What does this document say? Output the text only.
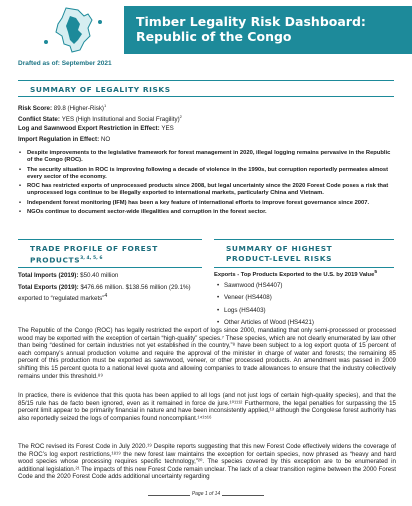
Timber Legality Risk Dashboard: Republic of the Congo
Drafted as of: September 2021
SUMMARY OF LEGALITY RISKS
Risk Score: 89.8 (Higher-Risk)$^1$
Conflict State: YES (High Institutional and Social Fragility)$^2$
Log and Sawnwood Export Restriction in Effect: YES
Import Regulation in Effect: NO
• Despite improvements to the legislative framework for forest management in 2020, illegal logging remains pervasive in the Republic of the Congo (ROC).
• The security situation in ROC is improving following a decade of violence in the 1990s, but corruption reportedly permeates almost every sector of the economy.
• ROC has restricted exports of unprocessed products since 2008, but legal uncertainty since the 2020 Forest Code poses a risk that unprocessed logs continue to be illegally exported to international markets, particularly China and Vietnam.
• Independent forest monitoring (IFM) has been a key feature of international efforts to improve forest governance since 2007.
• NGOs continue to document sector-wide illegalities and corruption in the forest sector.
TRADE PROFILE OF FOREST
PRODUCTS$^{3, 4, 5, 6}$
Total Imports (2019): $50.40 million
Total Exports (2019): $476.66 million. $138.56 million (29.1%) exported to “regulated markets”$^4$
SUMMARY OF HIGHEST
PRODUCT-LEVEL RISKS
Exports - Top Products Exported to the U.S. by 2019 Value$^5$
• Sawnwood (HS4407)
• Veneer (HS4408)
• Logs (HS4403)
• Other Articles of Wood (HS4421)
The Republic of the Congo (ROC) has legally restricted the export of logs since 2000, mandating that only semi-processed or processed wood may be exported with the exception of certain “high-quality” species.⁷ These species, which are not clearly enumerated by law other than being “destined for certain industries not yet established in the country,”⁸ have been subject to a log export quota of 15 percent of each company’s annual production volume and require the approval of the minister in charge of water and forests; the remaining 85 percent of this production must be exported as sawnwood, veneer, or other processed products. An amendment was passed in 2009 shifting this 15 percent quota to a national level quota and allowing companies to trade allowances to ensure that the industry collectively remains under this threshold.⁸⁹
In practice, there is evidence that this quota has been applied to all logs (and not just logs of certain high-quality species), and that the 85/15 rule has de facto been ignored, even as it remained in force de jure.¹⁰¹¹¹² Furthermore, the legal penalties for surpassing the 15 percent limit appear to be primarily financial in nature and have been inconsistently applied,¹³ although the Congolese forest authority has also reportedly seized the logs of companies found noncompliant.¹⁴¹⁵¹⁶
The ROC revised its Forest Code in July 2020.¹⁹ Despite reports suggesting that this new Forest Code effectively widens the coverage of the ROC’s log export restrictions,¹⁸¹⁹ the new forest law maintains the exception for certain species, now phrased as “heavy and hard wood species whose processing requires specific technology,”²⁰. The species covered by this exception are to be enumerated in additional legislation.²¹ The impacts of this new Forest Code remain unclear. The lack of a clear transition regime between the 2000 Forest Code and the 2020 Forest Code adds additional uncertainty regarding
Page 1 of 14
